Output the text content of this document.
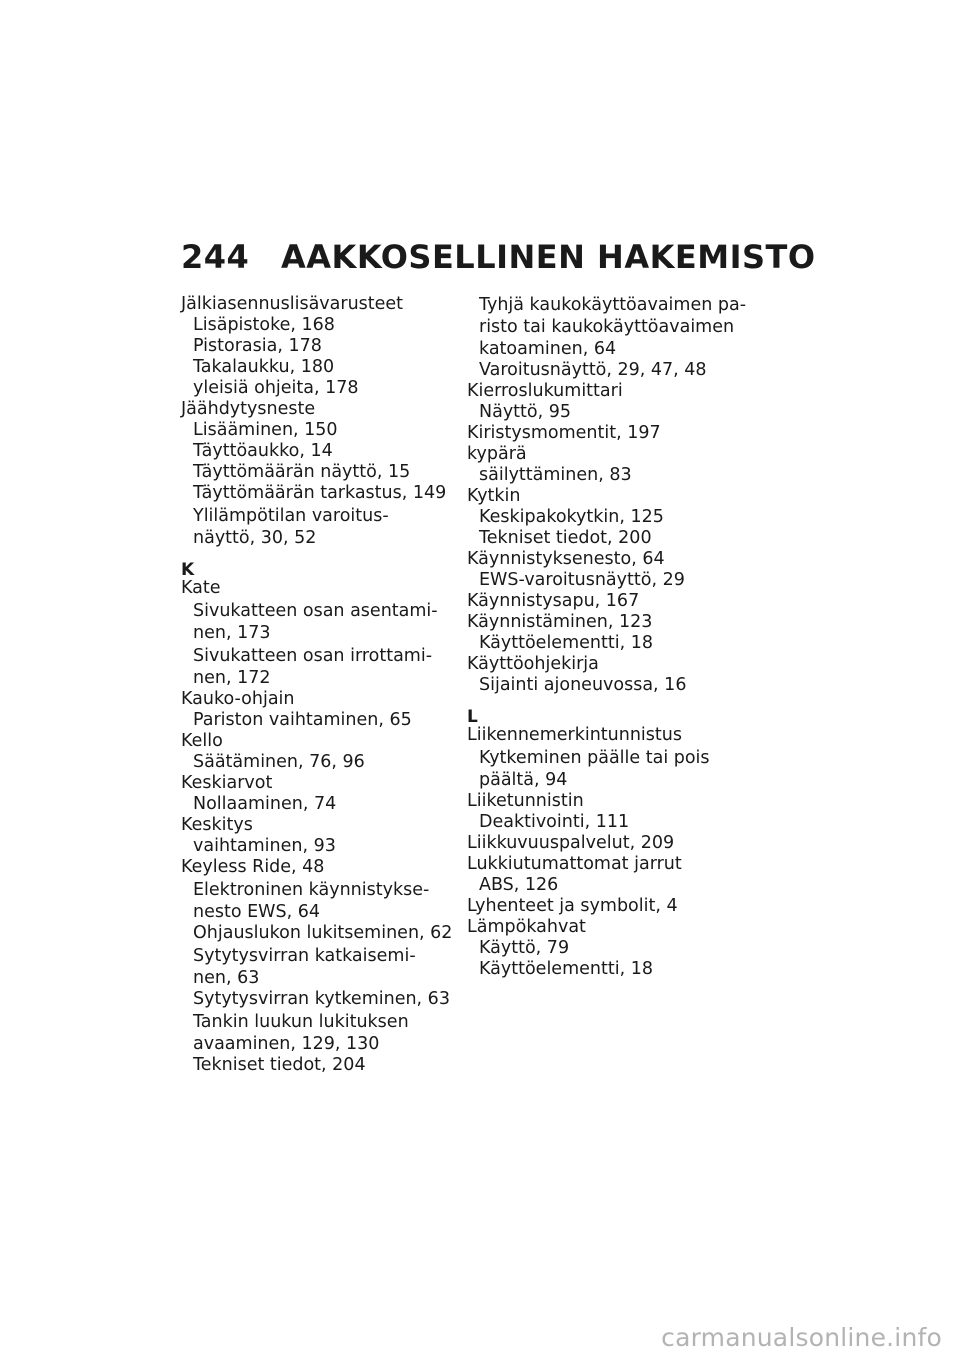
244 AAKKOSELLINEN HAKEMISTO
Jälkiasennuslisävarusteet
Lisäpistoke, 168
Pistorasia, 178
Takalaukku, 180
yleisiä ohjeita, 178
Jäähdytysneste
Lisääminen, 150
Täyttöaukko, 14
Täyttömäärän näyttö, 15
Täyttömäärän tarkastus, 149
Ylilämpötilan varoitus-
näyttö, 30, 52
K
Kate
Sivukatteen osan asentami-
nen, 173
Sivukatteen osan irrottami-
nen, 172
Kauko-ohjain
Pariston vaihtaminen, 65
Kello
Säätäminen, 76, 96
Keskiarvot
Nollaaminen, 74
Keskitys
vaihtaminen, 93
Keyless Ride, 48
Elektroninen käynnistykse-
nesto EWS, 64
Ohjauslukon lukitseminen, 62
Sytytysvirran katkaisemi-
nen, 63
Sytytysvirran kytkeminen, 63
Tankin luukun lukituksen
avaaminen, 129, 130
Tekniset tiedot, 204
Tyhjä kaukokäyttöavaimen pa-
risto tai kaukokäyttöavaimen
katoaminen, 64
Varoitusnäyttö, 29, 47, 48
Kierroslukumittari
Näyttö, 95
Kiristysmomentit, 197
kypärä
säilyttäminen, 83
Kytkin
Keskipakokytkin, 125
Tekniset tiedot, 200
Käynnistyksenesto, 64
EWS-varoitusnäyttö, 29
Käynnistysapu, 167
Käynnistäminen, 123
Käyttöelementti, 18
Käyttöohjekirja
Sijainti ajoneuvossa, 16
L
Liikennemerkintunnistus
Kytkeminen päälle tai pois
päältä, 94
Liiketunnistin
Deaktivointi, 111
Liikkuvuuspalvelut, 209
Lukkiutumattomat jarrut
ABS, 126
Lyhenteet ja symbolit, 4
Lämpökahvat
Käyttö, 79
Käyttöelementti, 18
carmanualsonline.info
